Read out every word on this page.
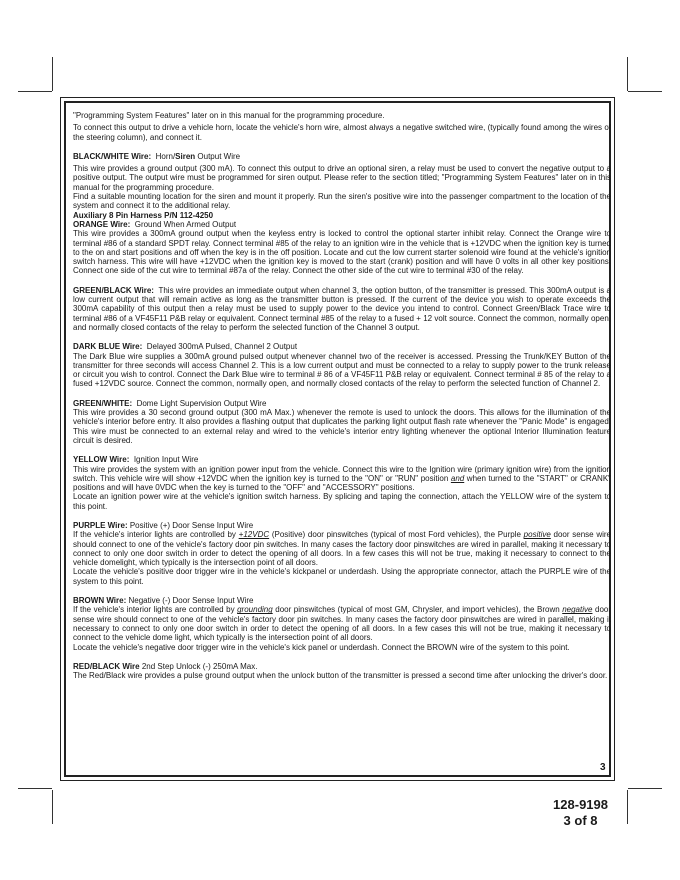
"Programming System Features" later on in this manual for the programming procedure.

To connect this output to drive a vehicle horn, locate the vehicle's horn wire, almost always a negative switched wire, (typically found among the wires of the steering column), and connect it.

BLACK/WHITE Wire: Horn/Siren Output Wire

This wire provides a ground output (300 mA). To connect this output to drive an optional siren, a relay must be used to convert the negative output to a positive output. The output wire must be programmed for siren output. Please refer to the section titled; "Programming System Features" later on in this manual for the programming procedure.

Find a suitable mounting location for the siren and mount it properly. Run the siren's positive wire into the passenger compartment to the location of the system and connect it to the additional relay.

Auxiliary 8 Pin Harness P/N 112-4250

ORANGE Wire: Ground When Armed Output

This wire provides a 300mA ground output when the keyless entry is locked to control the optional starter inhibit relay. Connect the Orange wire to terminal #86 of a standard SPDT relay. Connect terminal #85 of the relay to an ignition wire in the vehicle that is +12VDC when the ignition key is turned to the on and start positions and off when the key is in the off position. Locate and cut the low current starter solenoid wire found at the vehicle's ignition switch harness. This wire will have +12VDC when the ignition key is moved to the start (crank) position and will have 0 volts in all other key positions. Connect one side of the cut wire to terminal #87a of the relay. Connect the other side of the cut wire to terminal #30 of the relay.

GREEN/BLACK Wire: This wire provides an immediate output when channel 3, the option button, of the transmitter is pressed. This 300mA output is a low current output that will remain active as long as the transmitter button is pressed. If the current of the device you wish to operate exceeds the 300mA capability of this output then a relay must be used to supply power to the device you intend to control. Connect Green/Black Trace wire to terminal #86 of a VF45F11 P&B relay or equivalent. Connect terminal #85 of the relay to a fused + 12 volt source. Connect the common, normally open, and normally closed contacts of the relay to perform the selected function of the Channel 3 output.

DARK BLUE Wire: Delayed 300mA Pulsed, Channel 2 Output

The Dark Blue wire supplies a 300mA ground pulsed output whenever channel two of the receiver is accessed. Pressing the Trunk/KEY Button of the transmitter for three seconds will access Channel 2. This is a low current output and must be connected to a relay to supply power to the trunk release or circuit you wish to control. Connect the Dark Blue wire to terminal # 86 of a VF45F11 P&B relay or equivalent. Connect terminal # 85 of the relay to a fused +12VDC source. Connect the common, normally open, and normally closed contacts of the relay to perform the selected function of Channel 2.

GREEN/WHITE: Dome Light Supervision Output Wire

This wire provides a 30 second ground output (300 mA Max.) whenever the remote is used to unlock the doors. This allows for the illumination of the vehicle's interior before entry. It also provides a flashing output that duplicates the parking light output flash rate whenever the "Panic Mode" is engaged. This wire must be connected to an external relay and wired to the vehicle's interior entry lighting whenever the optional Interior Illumination feature circuit is desired.

YELLOW Wire: Ignition Input Wire

This wire provides the system with an ignition power input from the vehicle. Connect this wire to the Ignition wire (primary ignition wire) from the ignition switch. This vehicle wire will show +12VDC when the ignition key is turned to the "ON" or "RUN" position and when turned to the "START" or CRANK" positions and will have 0VDC when the key is turned to the "OFF" and "ACCESSORY" positions.

Locate an ignition power wire at the vehicle's ignition switch harness. By splicing and taping the connection, attach the YELLOW wire of the system to this point.

PURPLE Wire: Positive (+) Door Sense Input Wire

If the vehicle's interior lights are controlled by +12VDC (Positive) door pinswitches (typical of most Ford vehicles), the Purple positive door sense wire should connect to one of the vehicle's factory door pin switches. In many cases the factory door pinswitches are wired in parallel, making it necessary to connect to only one door switch in order to detect the opening of all doors. In a few cases this will not be true, making it necessary to connect to the vehicle domelight, which typically is the intersection point of all doors.

Locate the vehicle's positive door trigger wire in the vehicle's kickpanel or underdash. Using the appropriate connector, attach the PURPLE wire of the system to this point.

BROWN Wire: Negative (-) Door Sense Input Wire

If the vehicle's interior lights are controlled by grounding door pinswitches (typical of most GM, Chrysler, and import vehicles), the Brown negative door sense wire should connect to one of the vehicle's factory door pin switches. In many cases the factory door pinswitches are wired in parallel, making it necessary to connect to only one door switch in order to detect the opening of all doors. In a few cases this will not be true, making it necessary to connect to the vehicle dome light, which typically is the intersection point of all doors.

Locate the vehicle's negative door trigger wire in the vehicle's kick panel or underdash. Connect the BROWN wire of the system to this point.

RED/BLACK Wire 2nd Step Unlock (-) 250mA Max.

The Red/Black wire provides a pulse ground output when the unlock button of the transmitter is pressed a second time after unlocking the driver's door.

3
128-9198
3 of 8
